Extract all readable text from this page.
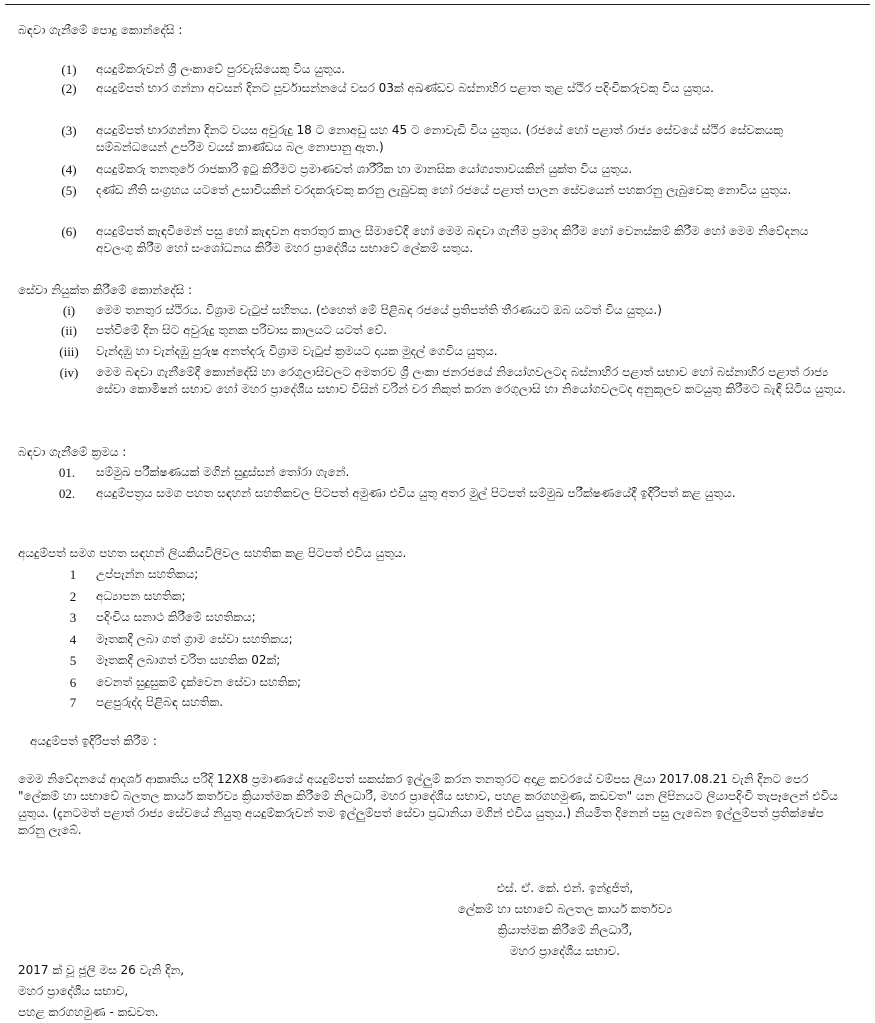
බඳවා ගැනීමේ පොදු කොන්දේසි :
(1)	අයදුම්කරුවන් ශ්‍රී ලංකාවේ පුරවැසියෙකු විය යුතුය.
(2)	අයදුම්පත් භාර ගන්නා අවසන් දිනට පූර්වාසන්නයේ වසර 03ක් අඛණ්ඩව බස්නාහිර පළාත තුළ ස්ථිර පදිංචිකරුවකු විය යුතුය.
(3)	අයදුම්පත් භාරගන්නා දිනට වයස අවුරුදු 18 ට නොඅඩු සහ 45 ට නොවැඩි විය යුතුය. (රජයේ හෝ පළාත් රාජ්‍ය සේවයේ ස්ථිර සේවකයකු සම්බන්ධයෙන් උපරිම වයස් කාණ්ඩය බල නොපානු ඇත.)
(4)	අයදුම්කරු තනතුරේ රාජකාරි ඉටු කිරීමට ප්‍රමාණවත් ශාරීරික හා මානසික යෝග්‍යතාවයකින් යුක්ත විය යුතුය.
(5)	දණ්ඩ නීති සංග්‍රහය යටතේ උසාවියකින් වරදකරුවකු කරනු ලැබුවකු හෝ රජයේ පළාත් පාලන සේවයෙන් පහකරනු ලැබුවෙකු නොවිය යුතුය.
(6)	අයදුම්පත් කැඳවීමෙන් පසු හෝ කැඳවන අතරතුර කාල සීමාවේදී හෝ මෙම බඳවා ගැනීම ප්‍රමාද කිරීම හෝ වෙනස්කම් කිරීම හෝ මෙම නිවේදනය අවලංගු කිරීම හෝ සංශෝධනය කිරීම මහර ප්‍රාදේශීය සභාවේ ලේකම් සතුය.
සේවා නියුක්ත කිරීමේ කොන්දේසි :
(i)	මෙම තනතුර ස්ථිරය. විශ්‍රාම වැටුප් සහිතය. (එහෙත් මේ පිළිබඳ රජයේ ප්‍රතිපත්ති තීරණයට ඔබ යටත් විය යුතුය.)
(ii)	පත්වීමේ දින සිට අවුරුදු තුනක පරිවාස කාලයට යටත් වේ.
(iii)	වැන්දඹු හා වැන්දඹු පුරුෂ අනත්දරු විශ්‍රාම වැටුප් ක්‍රමයට දායක මුදල් ගෙවිය යුතුය.
(iv)	මෙම බඳවා ගැනීමේදී කොන්දේසි හා රෙගුලාසිවලට අමතරව ශ්‍රී ලංකා ජනරජයේ නියෝගවලටද බස්නාහිර පළාත් සභාව හෝ බස්නාහිර පළාත් රාජ්‍ය සේවා කොමිෂන් සභාව හෝ මහර ප්‍රාදේශීය සභාව විසින් වරින් වර නිකුත් කරන රෙගුලාසි හා නියෝගවලටද අනුකූලව කටයුතු කිරීමට බැඳී සිටිය යුතුය.
බඳවා ගැනීමේ ක්‍රමය :
01.	සම්මුඛ පරීක්ෂණයක් මගින් සුදුස්සන් තෝරා ගැනේ.
02.	අයදුම්පත්‍රය සමග පහත සඳහන් සහතිකවල පිටපත් අමුණා එවිය යුතු අතර මුල් පිටපත් සම්මුඛ පරීක්ෂණයේදී ඉදිරිපත් කළ යුතුය.
අයදුම්පත් සමග පහත සඳහන් ලියකියවිලිවල සහතික කළ පිටපත් එවිය යුතුය.
1	උප්පැන්න සහතිකය;
2	අධ්‍යාපන සහතික;
3	පදිංචිය සනාථ කිරීමේ සහතිකය;
4	මෑතකදී ලබා ගත් ග්‍රාම සේවා සහතිකය;
5	මෑතකදී ලබාගත් චරිත සහතික 02ක්;
6	වෙනත් සුදුසුකම් දැක්වෙන සේවා සහතික;
7	පළපුරුද්ද පිළිබඳ සහතික.
අයදුම්පත් ඉදිරිපත් කිරීම :
මෙම නිවේදනයේ ආදර්ශ ආකෘතිය පරිදි 12X8 ප්‍රමාණයේ අයදුම්පත් සකස්කර ඉල්ලුම් කරන තනතුරට අදාළ කවරයේ වම්පස ලියා 2017.08.21 වැනි දිනට පෙර "ලේකම් හා සභාවේ බලතල කාර්ය කර්තව්‍ය ක්‍රියාත්මක කිරීමේ නිලධාරී, මහර ප්‍රාදේශීය සභාව, පහළ කරගහමුණ, කඩවත" යන ලිපිනයට ලියාපදිංචි තැපෑලෙන් එවිය යුතුය. (දැනටමත් පළාත් රාජ්‍ය සේවයේ නියුතු අයදුම්කරුවන් තම ඉල්ලුම්පත් සේවා ප්‍රධානියා මගින් එවිය යුතුය.) නියමිත දිනෙන් පසු ලැබෙන ඉල්ලුම්පත් ප්‍රතික්ෂේප කරනු ලැබේ.
එස්. ඒ. කේ. එන්. ඉන්ද්‍රජිත්,
ලේකම් හා සභාවේ බලතල කාර්ය කර්තව්‍ය
ක්‍රියාත්මක කිරීමේ නිලධාරී,
මහර ප්‍රාදේශීය සභාව.
2017 ක් වූ ජූලි මස 26 වැනි දින,
මහර ප්‍රාදේශීය සභාව,
පහළ කරගහමුණ - කඩවත.
